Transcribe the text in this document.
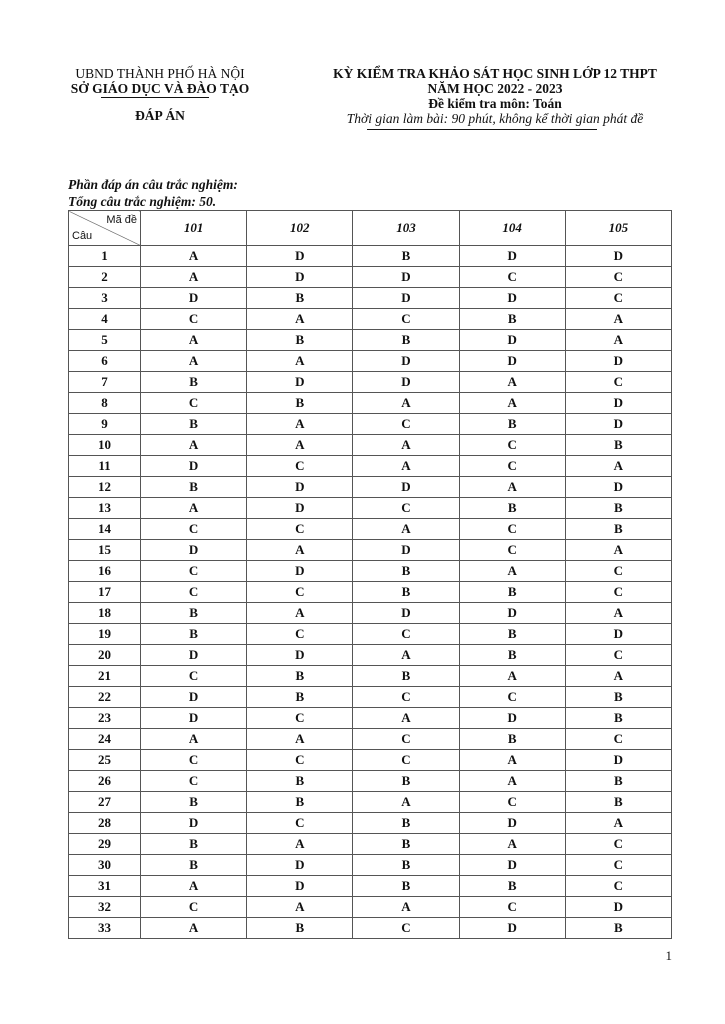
UBND THÀNH PHỐ HÀ NỘI
SỞ GIÁO DỤC VÀ ĐÀO TẠO
ĐÁP ÁN
KỲ KIỂM TRA KHẢO SÁT HỌC SINH LỚP 12 THPT
NĂM HỌC 2022 - 2023
Đề kiểm tra môn: Toán
Thời gian làm bài: 90 phút, không kể thời gian phát đề
Phần đáp án câu trắc nghiệm:
Tổng câu trắc nghiệm: 50.
Mã đề
Câu	101	102	103	104	105
1	A	D	B	D	D
2	A	D	D	C	C
3	D	B	D	D	C
4	C	A	C	B	A
5	A	B	B	D	A
6	A	A	D	D	D
7	B	D	D	A	C
8	C	B	A	A	D
9	B	A	C	B	D
10	A	A	A	C	B
11	D	C	A	C	A
12	B	D	D	A	D
13	A	D	C	B	B
14	C	C	A	C	B
15	D	A	D	C	A
16	C	D	B	A	C
17	C	C	B	B	C
18	B	A	D	D	A
19	B	C	C	B	D
20	D	D	A	B	C
21	C	B	B	A	A
22	D	B	C	C	B
23	D	C	A	D	B
24	A	A	C	B	C
25	C	C	C	A	D
26	C	B	B	A	B
27	B	B	A	C	B
28	D	C	B	D	A
29	B	A	B	A	C
30	B	D	B	D	C
31	A	D	B	B	C
32	C	A	A	C	D
33	A	B	C	D	B
1
